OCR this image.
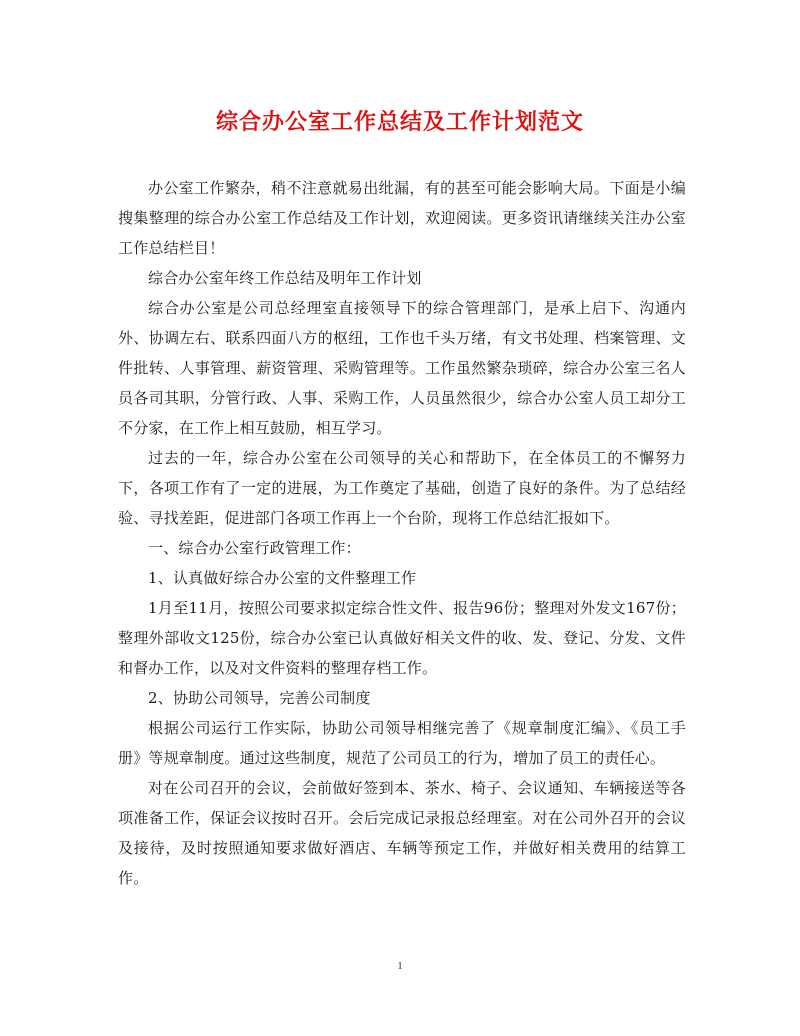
综合办公室工作总结及工作计划范文

办公室工作繁杂，稍不注意就易出纰漏，有的甚至可能会影响大局。下面是小编搜集整理的综合办公室工作总结及工作计划，欢迎阅读。更多资讯请继续关注办公室工作总结栏目！

综合办公室年终工作总结及明年工作计划

综合办公室是公司总经理室直接领导下的综合管理部门，是承上启下、沟通内外、协调左右、联系四面八方的枢纽，工作也千头万绪，有文书处理、档案管理、文件批转、人事管理、薪资管理、采购管理等。工作虽然繁杂琐碎，综合办公室三名人员各司其职，分管行政、人事、采购工作，人员虽然很少，综合办公室人员工却分工不分家，在工作上相互鼓励，相互学习。

过去的一年，综合办公室在公司领导的关心和帮助下，在全体员工的不懈努力下，各项工作有了一定的进展，为工作奠定了基础，创造了良好的条件。为了总结经验、寻找差距，促进部门各项工作再上一个台阶，现将工作总结汇报如下。

一、综合办公室行政管理工作：

1、认真做好综合办公室的文件整理工作

1月至11月，按照公司要求拟定综合性文件、报告96份；整理对外发文167份；整理外部收文125份，综合办公室已认真做好相关文件的收、发、登记、分发、文件和督办工作，以及对文件资料的整理存档工作。

2、协助公司领导，完善公司制度

根据公司运行工作实际，协助公司领导相继完善了《规章制度汇编》、《员工手册》等规章制度。通过这些制度，规范了公司员工的行为，增加了员工的责任心。

对在公司召开的会议，会前做好签到本、茶水、椅子、会议通知、车辆接送等各项准备工作，保证会议按时召开。会后完成记录报总经理室。对在公司外召开的会议及接待，及时按照通知要求做好酒店、车辆等预定工作，并做好相关费用的结算工作。

1
